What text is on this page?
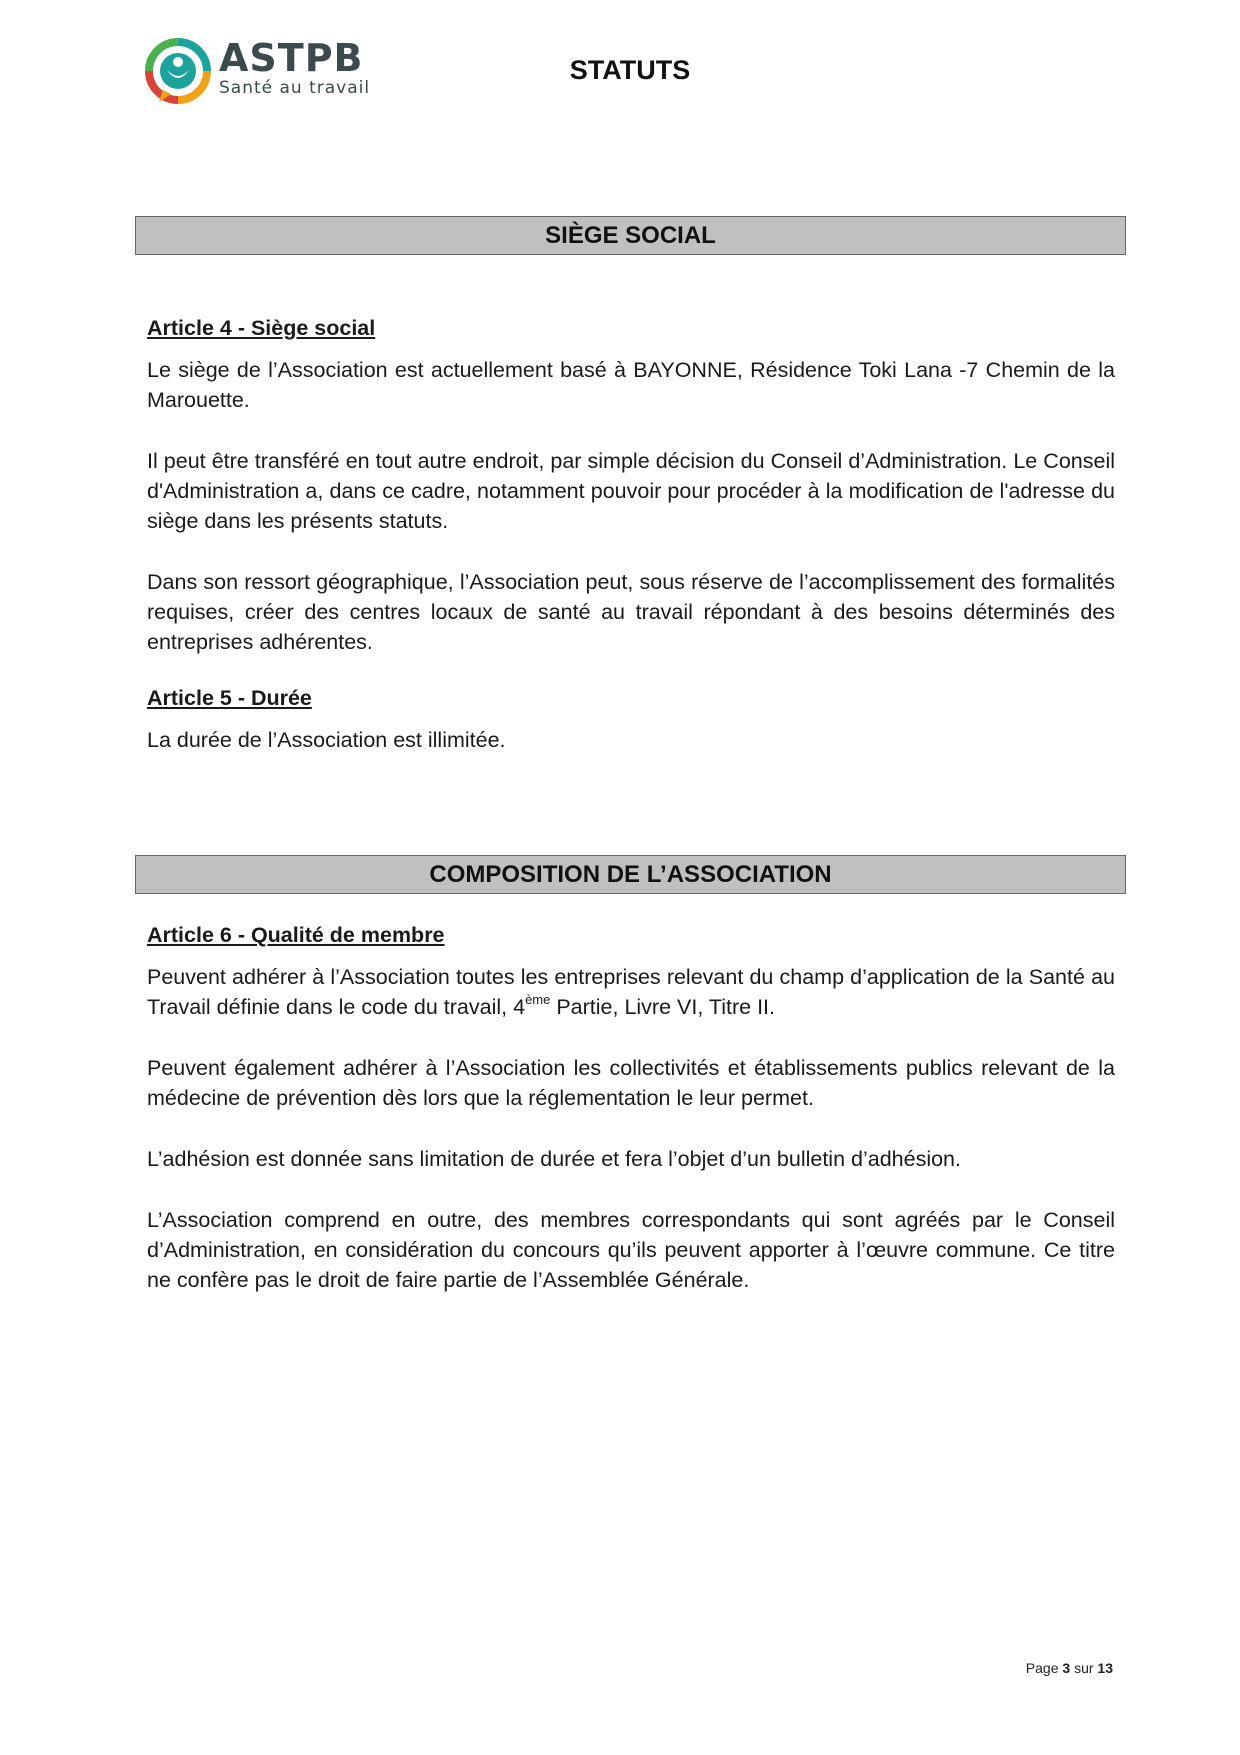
ASTPB
Santé au travail
STATUTS
SIÈGE SOCIAL

Article 4 - Siège social

Le siège de l’Association est actuellement basé à BAYONNE, Résidence Toki Lana -7 Chemin de la Marouette.

Il peut être transféré en tout autre endroit, par simple décision du Conseil d’Administration. Le Conseil d'Administration a, dans ce cadre, notamment pouvoir pour procéder à la modification de l'adresse du siège dans les présents statuts.

Dans son ressort géographique, l’Association peut, sous réserve de l’accomplissement des formalités requises, créer des centres locaux de santé au travail répondant à des besoins déterminés des entreprises adhérentes.

Article 5 - Durée

La durée de l’Association est illimitée.

COMPOSITION DE L’ASSOCIATION

Article 6 - Qualité de membre

Peuvent adhérer à l’Association toutes les entreprises relevant du champ d’application de la Santé au Travail définie dans le code du travail, 4ème Partie, Livre VI, Titre II.

Peuvent également adhérer à l’Association les collectivités et établissements publics relevant de la médecine de prévention dès lors que la réglementation le leur permet.

L’adhésion est donnée sans limitation de durée et fera l’objet d’un bulletin d’adhésion.

L’Association comprend en outre, des membres correspondants qui sont agréés par le Conseil d’Administration, en considération du concours qu’ils peuvent apporter à l’œuvre commune. Ce titre ne confère pas le droit de faire partie de l’Assemblée Générale.

Page 3 sur 13
